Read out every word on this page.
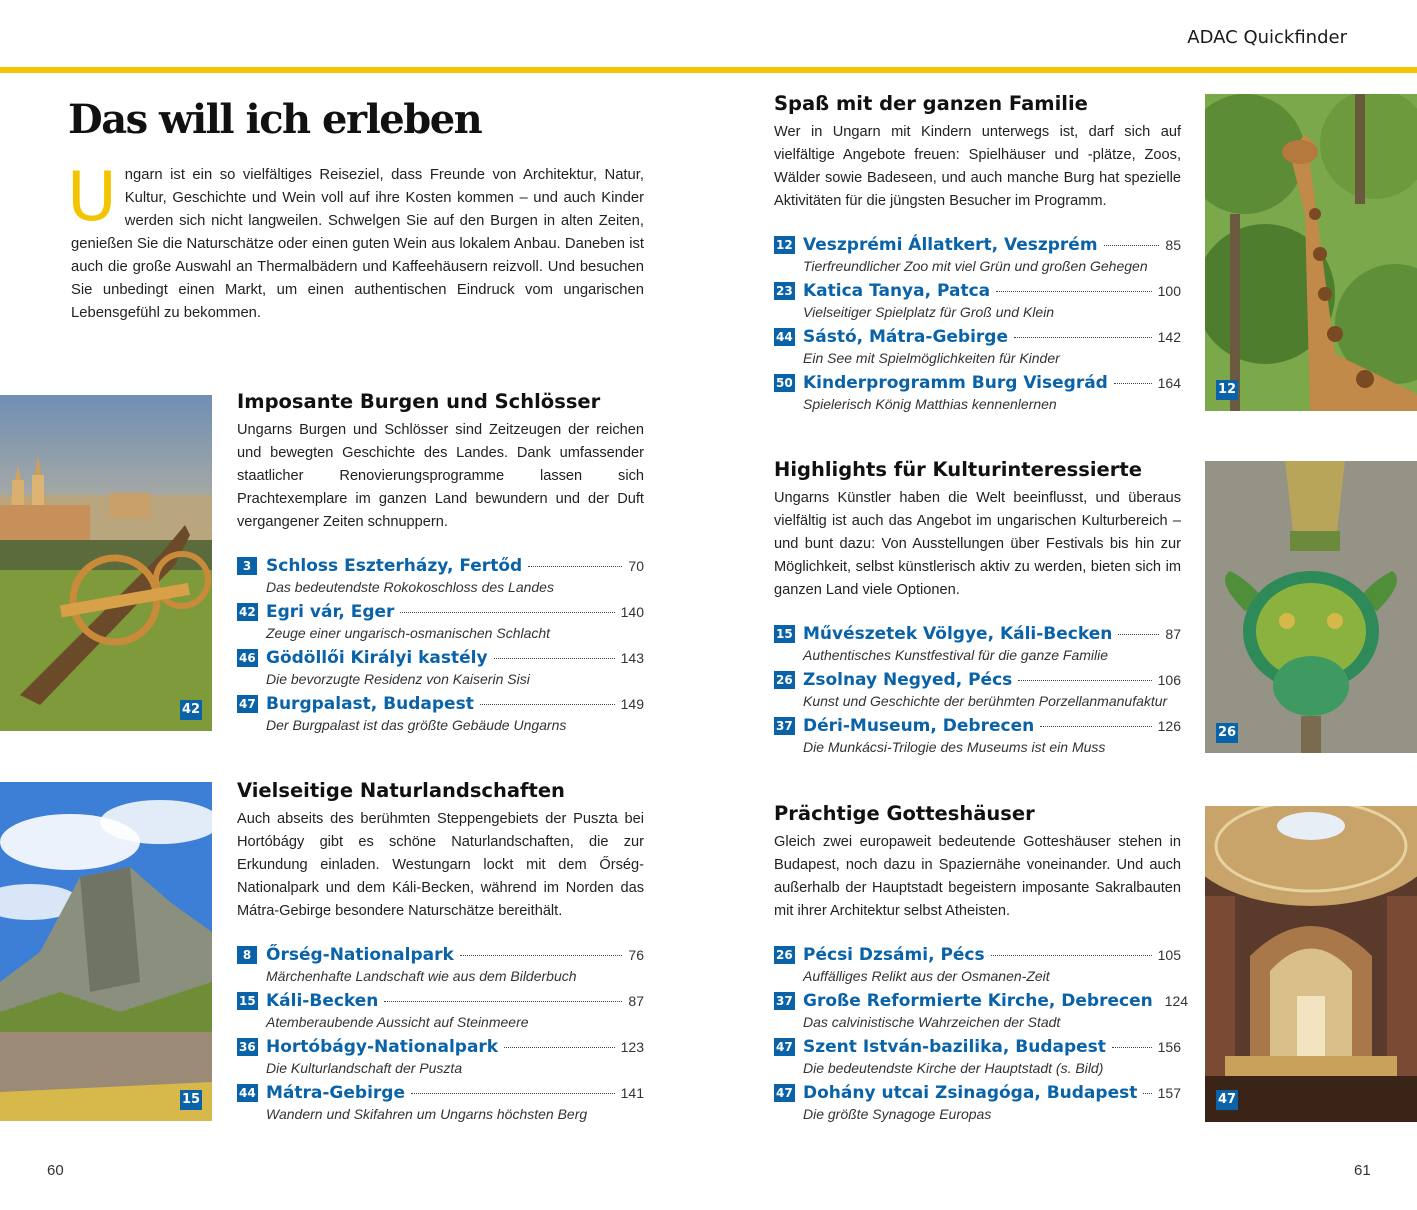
ADAC Quickfinder
Das will ich erleben
Ungarn ist ein so vielfältiges Reiseziel, dass Freunde von Architektur, Natur, Kultur, Geschichte und Wein voll auf ihre Kosten kommen – und auch Kinder werden sich nicht langweilen. Schwelgen Sie auf den Burgen in alten Zeiten, genießen Sie die Naturschätze oder einen guten Wein aus lokalem Anbau. Daneben ist auch die große Auswahl an Thermalbädern und Kaffeehäusern reizvoll. Und besuchen Sie unbedingt einen Markt, um einen authentischen Eindruck vom ungarischen Lebensgefühl zu bekommen.
42
15
12
26
47
Imposante Burgen und Schlösser

Ungarns Burgen und Schlösser sind Zeitzeugen der reichen und bewegten Geschichte des Landes. Dank umfassender staatlicher Renovierungsprogramme lassen sich Prachtexemplare im ganzen Land bewundern und der Duft vergangener Zeiten schnuppern.

3 Schloss Eszterházy, Fertőd	70
Das bedeutendste Rokokoschloss des Landes
42 Egri vár, Eger	140
Zeuge einer ungarisch-osmanischen Schlacht
46 Gödöllői Királyi kastély	143
Die bevorzugte Residenz von Kaiserin Sisi
47 Burgpalast, Budapest	149
Der Burgpalast ist das größte Gebäude Ungarns
Vielseitige Naturlandschaften

Auch abseits des berühmten Steppengebiets der Puszta bei Hortóbágy gibt es schöne Naturlandschaften, die zur Erkundung einladen. Westungarn lockt mit dem Őrség-Nationalpark und dem Káli-Becken, während im Norden das Mátra-Gebirge besondere Naturschätze bereithält.

8 Őrség-Nationalpark	76
Märchenhafte Landschaft wie aus dem Bilderbuch
15 Káli-Becken	87
Atemberaubende Aussicht auf Steinmeere
36 Hortóbágy-Nationalpark	123
Die Kulturlandschaft der Puszta
44 Mátra-Gebirge	141
Wandern und Skifahren um Ungarns höchsten Berg
Spaß mit der ganzen Familie

Wer in Ungarn mit Kindern unterwegs ist, darf sich auf vielfältige Angebote freuen: Spielhäuser und -plätze, Zoos, Wälder sowie Badeseen, und auch manche Burg hat spezielle Aktivitäten für die jüngsten Besucher im Programm.

12 Veszprémi Állatkert, Veszprém	85
Tierfreundlicher Zoo mit viel Grün und großen Gehegen
23 Katica Tanya, Patca	100
Vielseitiger Spielplatz für Groß und Klein
44 Sástó, Mátra-Gebirge	142
Ein See mit Spielmöglichkeiten für Kinder
50 Kinderprogramm Burg Visegrád	164
Spielerisch König Matthias kennenlernen
Highlights für Kulturinteressierte

Ungarns Künstler haben die Welt beeinflusst, und überaus vielfältig ist auch das Angebot im ungarischen Kulturbereich – und bunt dazu: Von Ausstellungen über Festivals bis hin zur Möglichkeit, selbst künstlerisch aktiv zu werden, bieten sich im ganzen Land viele Optionen.

15 Művészetek Völgye, Káli-Becken	87
Authentisches Kunstfestival für die ganze Familie
26 Zsolnay Negyed, Pécs	106
Kunst und Geschichte der berühmten Porzellanmanufaktur
37 Déri-Museum, Debrecen	126
Die Munkácsi-Trilogie des Museums ist ein Muss
Prächtige Gotteshäuser

Gleich zwei europaweit bedeutende Gotteshäuser stehen in Budapest, noch dazu in Spaziernähe voneinander. Und auch außerhalb der Hauptstadt begeistern imposante Sakralbauten mit ihrer Architektur selbst Atheisten.

26 Pécsi Dzsámi, Pécs	105
Auffälliges Relikt aus der Osmanen-Zeit
37 Große Reformierte Kirche, Debrecen 124
Das calvinistische Wahrzeichen der Stadt
47 Szent István-bazilika, Budapest	156
Die bedeutendste Kirche der Hauptstadt (s. Bild)
47 Dohány utcai Zsinagóga, Budapest 157
Die größte Synagoge Europas
60	61
